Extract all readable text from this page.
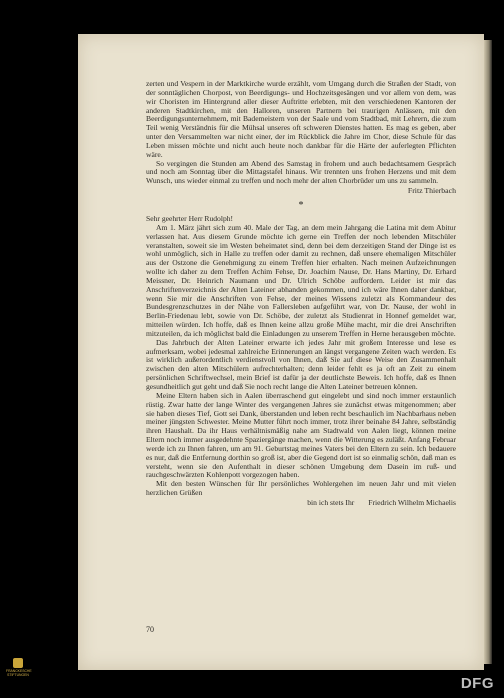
zerten und Vespern in der Marktkirche wurde erzählt, vom Umgang durch die Straßen der Stadt, von der sonntäglichen Chorpost, von Beerdigungs- und Hochzeitsgesängen und vor allem von dem, was wir Choristen im Hintergrund aller dieser Auftritte erlebten, mit den verschiedenen Kantoren der anderen Stadtkirchen, mit den Halloren, unseren Partnern bei traurigen Anlässen, mit den Beerdigungsunternehmern, mit Bademeistern von der Saale und vom Stadtbad, mit Lehrern, die zum Teil wenig Verständnis für die Mühsal unseres oft schweren Dienstes hatten. Es mag es geben, aber unter den Versammelten war nicht einer, der im Rückblick die Jahre im Chor, diese Schule für das Leben missen möchte und nicht auch heute noch dankbar für die Härte der auferlegten Pflichten wäre.

So vergingen die Stunden am Abend des Samstag in frohem und auch bedachtsamem Gespräch und noch am Sonntag über die Mittagstafel hinaus. Wir trennten uns frohen Herzens und mit dem Wunsch, uns wieder einmal zu treffen und noch mehr der alten Chorbrüder um uns zu sammeln.

Fritz Thierbach
*

Sehr geehrter Herr Rudolph!

Am 1. März jährt sich zum 40. Male der Tag, an dem mein Jahrgang die Latina mit dem Abitur verlassen hat. Aus diesem Grunde möchte ich gerne ein Treffen der noch lebenden Mitschüler veranstalten, soweit sie im Westen beheimatet sind, denn bei dem derzeitigen Stand der Dinge ist es wohl unmöglich, sich in Halle zu treffen oder damit zu rechnen, daß unsere ehemaligen Mitschüler aus der Ostzone die Genehmigung zu einem Treffen hier erhalten. Nach meinen Aufzeichnungen wollte ich daher zu dem Treffen Achim Fehse, Dr. Joachim Nause, Dr. Hans Martiny, Dr. Erhard Meissner, Dr. Heinrich Naumann und Dr. Ulrich Schöbe auffordern. Leider ist mir das Anschriftenverzeichnis der Alten Lateiner abhanden gekommen, und ich wäre Ihnen daher dankbar, wenn Sie mir die Anschriften von Fehse, der meines Wissens zuletzt als Kommandeur des Bundesgrenzschutzes in der Nähe von Fallersleben aufgeführt war, von Dr. Nause, der wohl in Berlin-Friedenau lebt, sowie von Dr. Schöbe, der zuletzt als Studienrat in Honnef gemeldet war, mitteilen würden. Ich hoffe, daß es Ihnen keine allzu große Mühe macht, mir die drei Anschriften mitzuteilen, da ich möglichst bald die Einladungen zu unserem Treffen in Herne herausgeben möchte.

Das Jahrbuch der Alten Lateiner erwarte ich jedes Jahr mit großem Interesse und lese es aufmerksam, wobei jedesmal zahlreiche Erinnerungen an längst vergangene Zeiten wach werden. Es ist wirklich außerordentlich verdienstvoll von Ihnen, daß Sie auf diese Weise den Zusammenhalt zwischen den alten Mitschülern aufrechterhalten; denn leider fehlt es ja oft an Zeit zu einem persönlichen Schriftwechsel, mein Brief ist dafür ja der deutlichste Beweis. Ich hoffe, daß es Ihnen gesundheitlich gut geht und daß Sie noch recht lange die Alten Lateiner betreuen können.

Meine Eltern haben sich in Aalen überraschend gut eingelebt und sind noch immer erstaunlich rüstig. Zwar hatte der lange Winter des vergangenen Jahres sie zunächst etwas mitgenommen; aber sie haben dieses Tief, Gott sei Dank, überstanden und leben recht beschaulich im Nachbarhaus neben meiner jüngsten Schwester. Meine Mutter führt noch immer, trotz ihrer beinahe 84 Jahre, selbständig ihren Haushalt. Da ihr Haus verhältnismäßig nahe am Stadtwald von Aalen liegt, können meine Eltern noch immer ausgedehnte Spaziergänge machen, wenn die Witterung es zuläßt. Anfang Februar werde ich zu Ihnen fahren, um am 91. Geburtstag meines Vaters bei den Eltern zu sein. Ich bedauere es nur, daß die Entfernung dorthin so groß ist, aber die Gegend dort ist so einmalig schön, daß man es versteht, wenn sie den Aufenthalt in dieser schönen Umgebung dem Dasein im ruß- und rauchgeschwärzten Kohlenpott vorgezogen haben.

Mit den besten Wünschen für Ihr persönliches Wohlergehen im neuen Jahr und mit vielen herzlichen Grüßen

bin ich stets Ihr Friedrich Wilhelm Michaelis
70
FRANCKESCHE
STIFTUNGEN	DFG
